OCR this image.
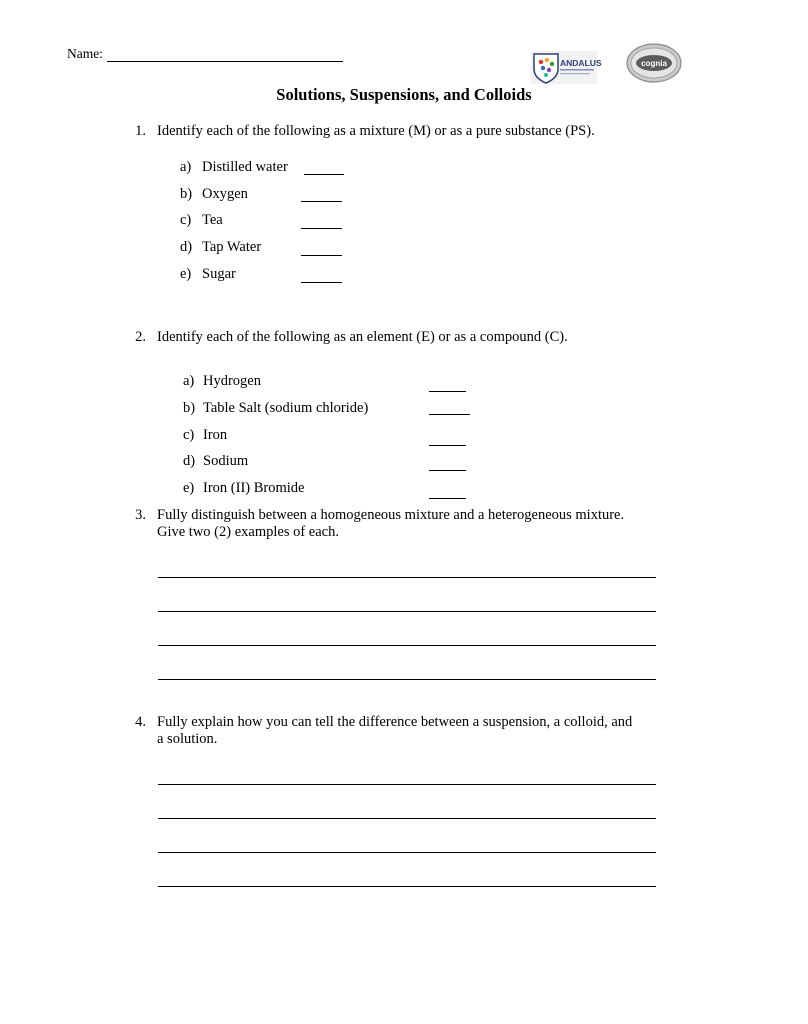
Name:
ANDALUS	cognia
Solutions, Suspensions, and Colloids
1. Identify each of the following as a mixture (M) or as a pure substance (PS).
a) Distilled water
b) Oxygen
c) Tea
d) Tap Water
e) Sugar
2. Identify each of the following as an element (E) or as a compound (C).
a) Hydrogen
b) Table Salt (sodium chloride)
c) Iron
d) Sodium
e) Iron (II) Bromide
3. Fully distinguish between a homogeneous mixture and a heterogeneous mixture.
Give two (2) examples of each.
4. Fully explain how you can tell the difference between a suspension, a colloid, and
a solution.
